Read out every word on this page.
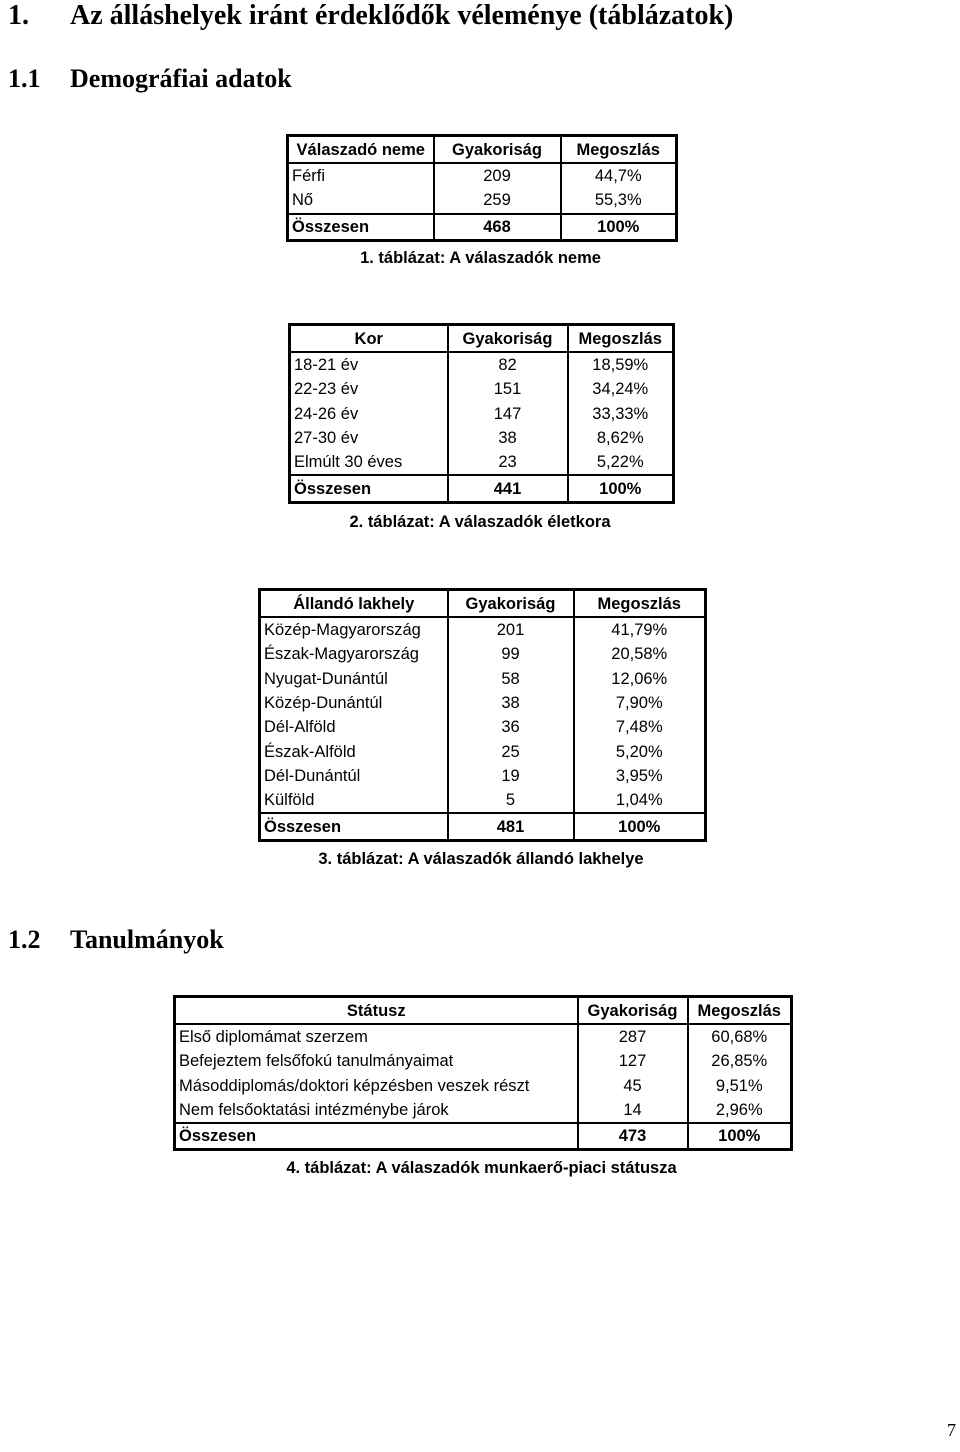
1. Az álláshelyek iránt érdeklődők véleménye (táblázatok)
1.1 Demográfiai adatok
Válaszadó neme	Gyakoriság	Megoszlás
Férfi	209	44,7%
Nő	259	55,3%
Összesen	468	100%
1. táblázat: A válaszadók neme
Kor	Gyakoriság	Megoszlás
18-21 év	82	18,59%
22-23 év	151	34,24%
24-26 év	147	33,33%
27-30 év	38	8,62%
Elmúlt 30 éves	23	5,22%
Összesen	441	100%
2. táblázat: A válaszadók életkora
Állandó lakhely	Gyakoriság	Megoszlás
Közép-Magyarország	201	41,79%
Észak-Magyarország	99	20,58%
Nyugat-Dunántúl	58	12,06%
Közép-Dunántúl	38	7,90%
Dél-Alföld	36	7,48%
Észak-Alföld	25	5,20%
Dél-Dunántúl	19	3,95%
Külföld	5	1,04%
Összesen	481	100%
3. táblázat: A válaszadók állandó lakhelye
1.2 Tanulmányok
Státusz	Gyakoriság	Megoszlás
Első diplomámat szerzem	287	60,68%
Befejeztem felsőfokú tanulmányaimat	127	26,85%
Másoddiplomás/doktori képzésben veszek részt	45	9,51%
Nem felsőoktatási intézménybe járok	14	2,96%
Összesen	473	100%
4. táblázat: A válaszadók munkaerő-piaci státusza
7
